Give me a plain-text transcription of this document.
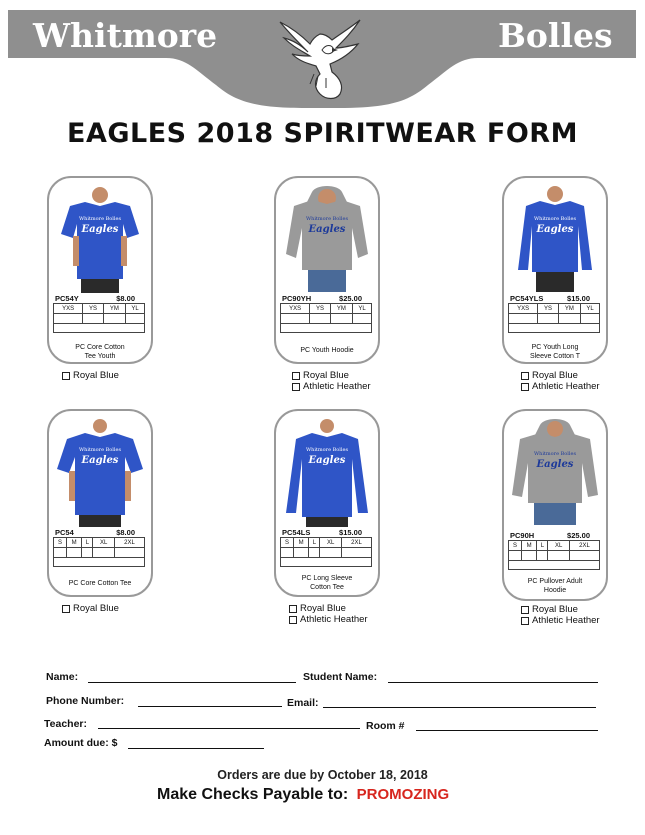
Whitmore	Bolles
EAGLES 2018 SPIRITWEAR FORM
Whitmore Bolles
Eagles
PC54Y	$8.00
YXS	YS	YM	YL

PC Core Cotton
Tee Youth
Royal Blue
Whitmore Bolles
Eagles
PC90YH	$25.00
YXS	YS	YM	YL

PC Youth Hoodie
Royal Blue
Athletic Heather
Whitmore Bolles
Eagles
PC54YLS	$15.00
YXS	YS	YM	YL

PC Youth Long
Sleeve Cotton T
Royal Blue
Athletic Heather
Whitmore Bolles
Eagles
PC54	$8.00
S	M	L	XL	2XL

PC Core Cotton Tee
Royal Blue
Whitmore Bolles
Eagles
PC54LS	$15.00
S	M	L	XL	2XL

PC Long Sleeve
Cotton Tee
Royal Blue
Athletic Heather
Whitmore Bolles
Eagles
PC90H	$25.00
S	M	L	XL	2XL

PC Pullover Adult
Hoodie
Royal Blue
Athletic Heather
Name:	Student Name:
Phone Number:	Email:
Teacher:	Room #
Amount due: $
Orders are due by October 18, 2018
Make Checks Payable to: PROMOZING
